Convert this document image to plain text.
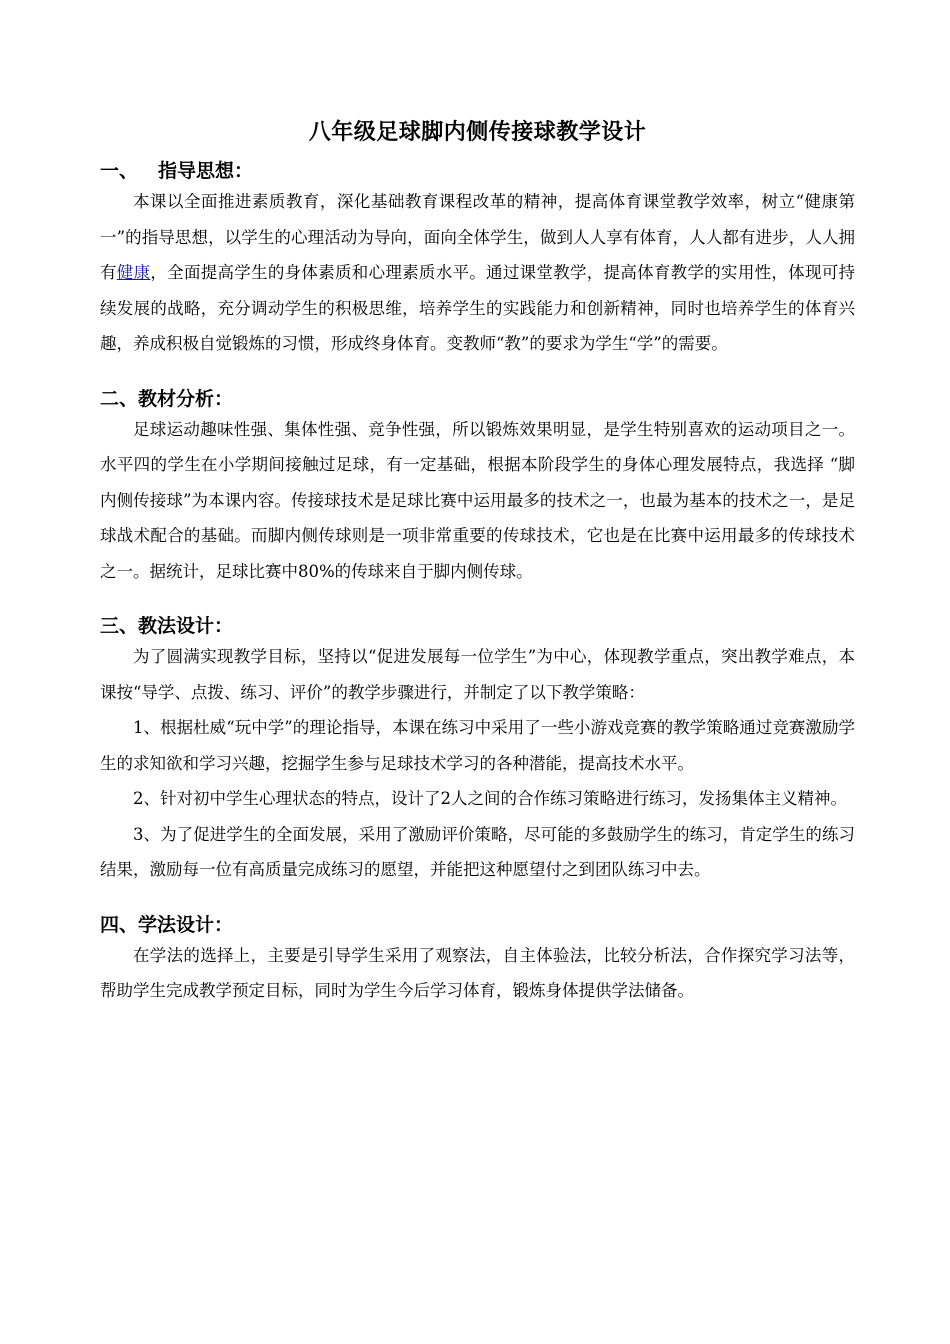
八年级足球脚内侧传接球教学设计
一、 指导思想：

本课以全面推进素质教育，深化基础教育课程改革的精神，提高体育课堂教学效率，树立“健康第一”的指导思想，以学生的心理活动为导向，面向全体学生，做到人人享有体育，人人都有进步，人人拥有健康，全面提高学生的身体素质和心理素质水平。通过课堂教学，提高体育教学的实用性，体现可持续发展的战略，充分调动学生的积极思维，培养学生的实践能力和创新精神，同时也培养学生的体育兴趣，养成积极自觉锻炼的习惯，形成终身体育。变教师“教”的要求为学生“学”的需要。

二、 教材分析：

足球运动趣味性强、集体性强、竞争性强，所以锻炼效果明显，是学生特别喜欢的运动项目之一。水平四的学生在小学期间接触过足球，有一定基础，根据本阶段学生的身体心理发展特点，我选择 “脚内侧传接球”为本课内容。传接球技术是足球比赛中运用最多的技术之一，也最为基本的技术之一，是足球战术配合的基础。而脚内侧传球则是一项非常重要的传球技术，它也是在比赛中运用最多的传球技术之一。据统计，足球比赛中80%的传球来自于脚内侧传球。

三、 教法设计：

为了圆满实现教学目标，坚持以“促进发展每一位学生”为中心，体现教学重点，突出教学难点，本课按“导学、点拨、练习、评价”的教学步骤进行，并制定了以下教学策略：

1、根据杜威“玩中学”的理论指导，本课在练习中采用了一些小游戏竞赛的教学策略通过竞赛激励学生的求知欲和学习兴趣，挖掘学生参与足球技术学习的各种潜能，提高技术水平。

2、针对初中学生心理状态的特点，设计了2人之间的合作练习策略进行练习，发扬集体主义精神。

3、为了促进学生的全面发展，采用了激励评价策略，尽可能的多鼓励学生的练习，肯定学生的练习结果，激励每一位有高质量完成练习的愿望，并能把这种愿望付之到团队练习中去。

四、 学法设计：

在学法的选择上，主要是引导学生采用了观察法，自主体验法，比较分析法，合作探究学习法等，帮助学生完成教学预定目标，同时为学生今后学习体育，锻炼身体提供学法储备。
